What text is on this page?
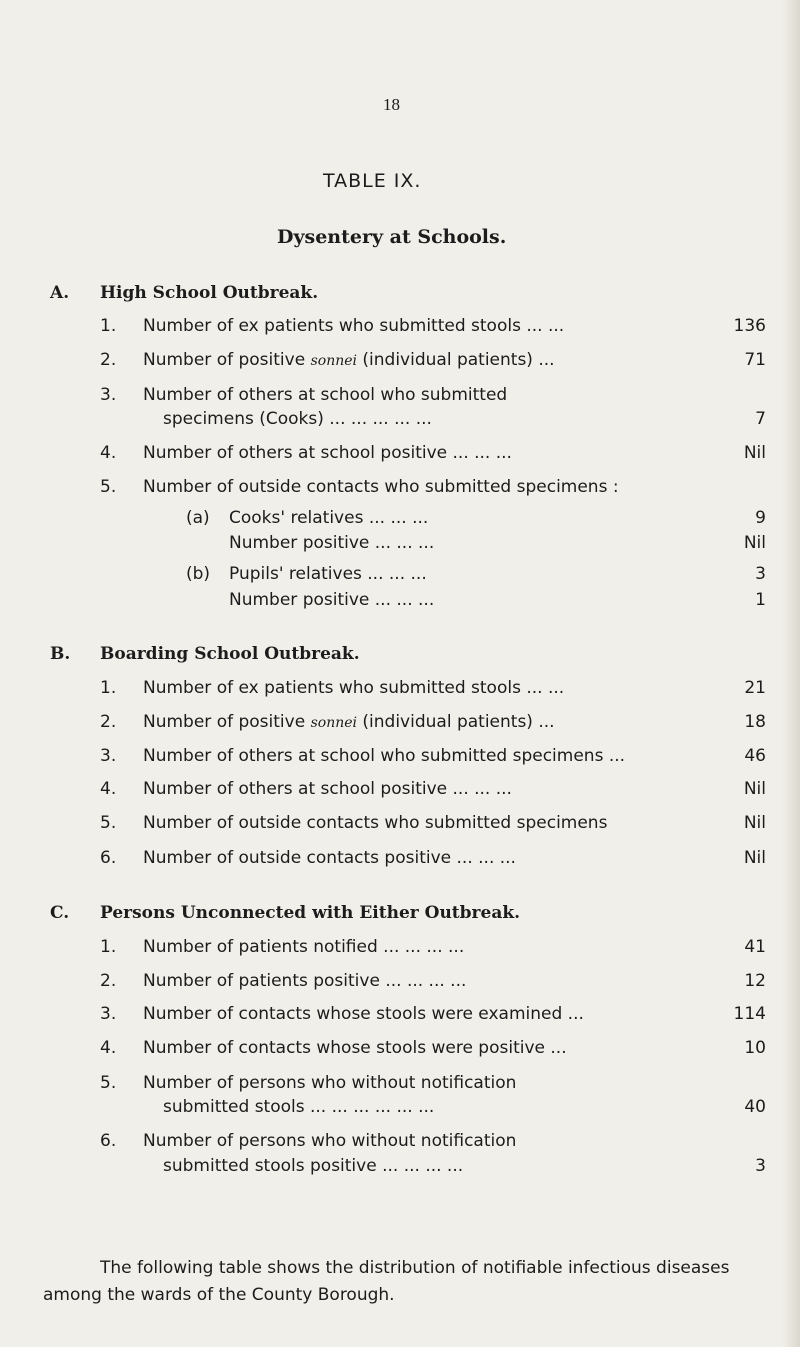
18
TABLE IX.
Dysentery at Schools.
A. High School Outbreak.
1. Number of ex patients who submitted stools ... ...	136
2. Number of positive sonnei (individual patients) ...	71
3. Number of others at school who submitted
specimens (Cooks) ... ... ... ... ...	7
4. Number of others at school positive ... ... ...	Nil
5. Number of outside contacts who submitted specimens :
(a) Cooks' relatives ... ... ...	9
Number positive ... ... ...	Nil
(b) Pupils' relatives ... ... ...	3
Number positive ... ... ...	1
B. Boarding School Outbreak.
1. Number of ex patients who submitted stools ... ...	21
2. Number of positive sonnei (individual patients) ...	18
3. Number of others at school who submitted specimens ...	46
4. Number of others at school positive ... ... ...	Nil
5. Number of outside contacts who submitted specimens	Nil
6. Number of outside contacts positive ... ... ...	Nil
C. Persons Unconnected with Either Outbreak.
1. Number of patients notified ... ... ... ...	41
2. Number of patients positive ... ... ... ...	12
3. Number of contacts whose stools were examined ...	114
4. Number of contacts whose stools were positive ...	10
5. Number of persons who without notification
submitted stools ... ... ... ... ... ...	40
6. Number of persons who without notification
submitted stools positive ... ... ... ...	3
The following table shows the distribution of notifiable infectious diseases among the wards of the County Borough.
